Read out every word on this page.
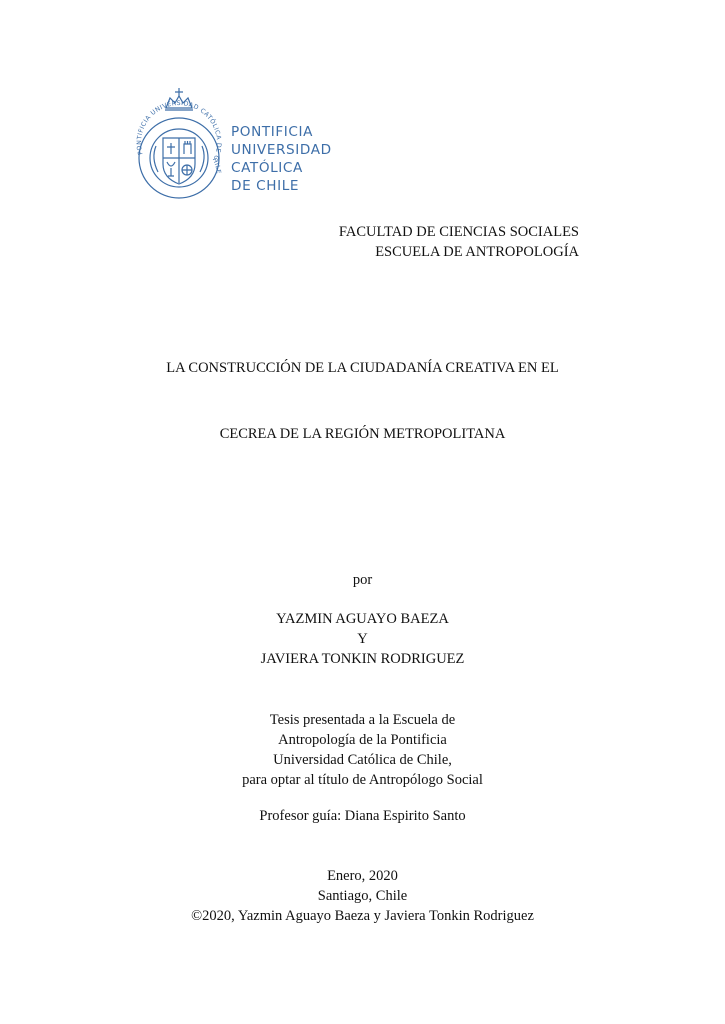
PONTIFICIA UNIVERSIDAD CATÓLICA DE CHILE
PONTIFICIA
UNIVERSIDAD
CATÓLICA
DE CHILE
FACULTAD DE CIENCIAS SOCIALES
ESCUELA DE ANTROPOLOGÍA
LA CONSTRUCCIÓN DE LA CIUDADANÍA CREATIVA EN EL
CECREA DE LA REGIÓN METROPOLITANA
por
YAZMIN AGUAYO BAEZA
Y
JAVIERA TONKIN RODRIGUEZ
Tesis presentada a la Escuela de
Antropología de la Pontificia
Universidad Católica de Chile,
para optar al título de Antropólogo Social
Profesor guía: Diana Espirito Santo
Enero, 2020
Santiago, Chile
©2020, Yazmin Aguayo Baeza y Javiera Tonkin Rodriguez
